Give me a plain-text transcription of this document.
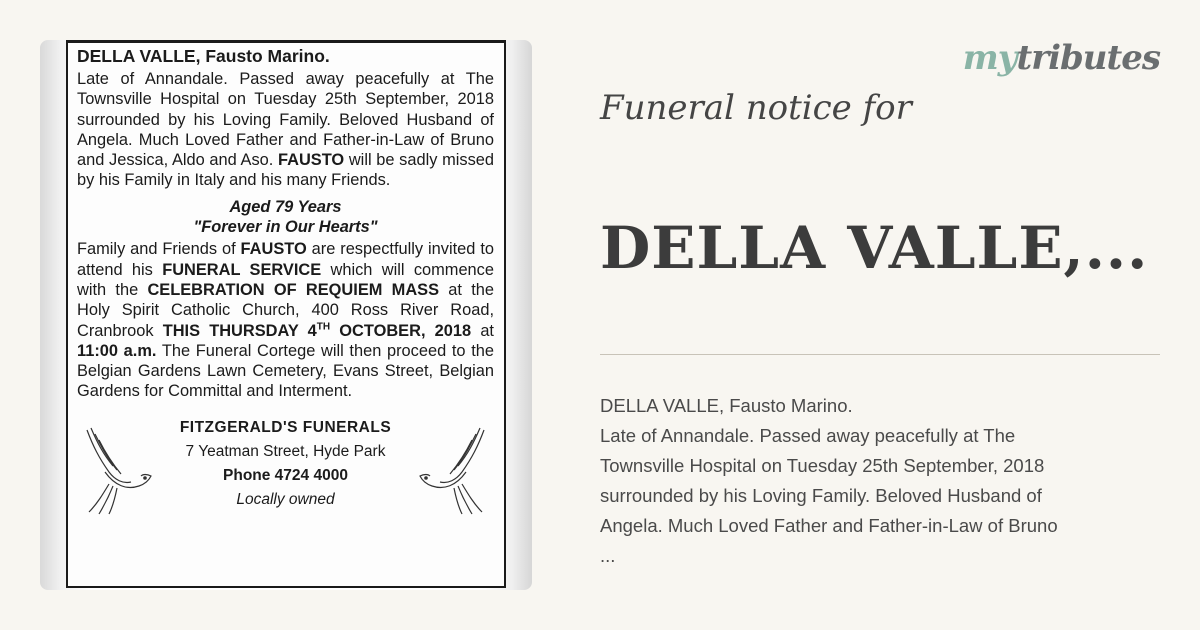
DELLA VALLE, Fausto Marino.

Late of Annandale. Passed away peacefully at The Townsville Hospital on Tuesday 25th September, 2018 surrounded by his Loving Family. Beloved Husband of Angela. Much Loved Father and Father-in-Law of Bruno and Jessica, Aldo and Aso. FAUSTO will be sadly missed by his Family in Italy and his many Friends.

Aged 79 Years
"Forever in Our Hearts"

Family and Friends of FAUSTO are respectfully invited to attend his FUNERAL SERVICE which will commence with the CELEBRATION OF REQUIEM MASS at the Holy Spirit Catholic Church, 400 Ross River Road, Cranbrook THIS THURSDAY 4TH OCTOBER, 2018 at 11:00 a.m. The Funeral Cortege will then proceed to the Belgian Gardens Lawn Cemetery, Evans Street, Belgian Gardens for Committal and Interment.

FITZGERALD'S FUNERALS
7 Yeatman Street, Hyde Park
Phone 4724 4000
Locally owned
mytributes
Funeral notice for
DELLA VALLE,...
DELLA VALLE, Fausto Marino.
Late of Annandale. Passed away peacefully at The
Townsville Hospital on Tuesday 25th September, 2018
surrounded by his Loving Family. Beloved Husband of
Angela. Much Loved Father and Father-in-Law of Bruno
...
